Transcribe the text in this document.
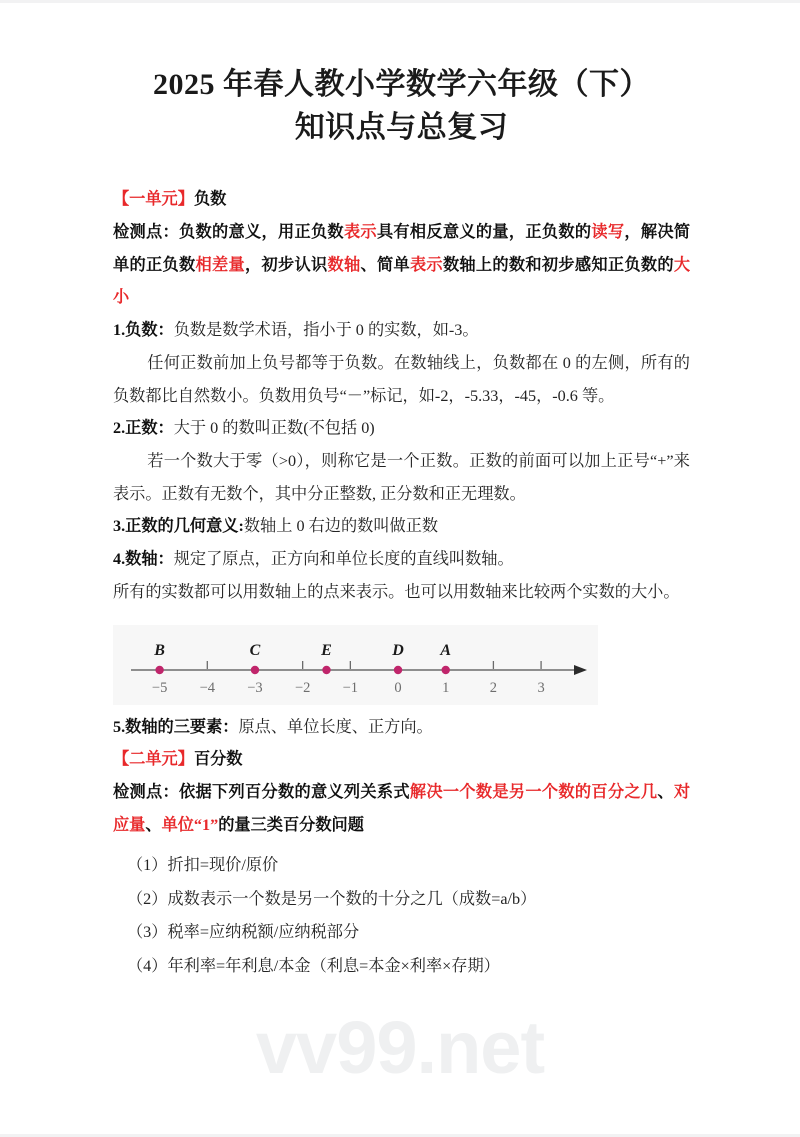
vv99.net
2025 年春人教小学数学六年级（下）
知识点与总复习

【一单元】负数

检测点：负数的意义，用正负数表示具有相反意义的量，正负数的读写，解决简单的正负数相差量，初步认识数轴、简单表示数轴上的数和初步感知正负数的大小

1.负数：负数是数学术语，指小于 0 的实数，如-3。

任何正数前加上负号都等于负数。在数轴线上，负数都在 0 的左侧，所有的负数都比自然数小。负数用负号“－”标记，如-2，-5.33，-45，-0.6 等。

2.正数：大于 0 的数叫正数(不包括 0)

若一个数大于零（>0），则称它是一个正数。正数的前面可以加上正号“+”来表示。正数有无数个，其中分正整数, 正分数和正无理数。

3.正数的几何意义:数轴上 0 右边的数叫做正数

4.数轴：规定了原点，正方向和单位长度的直线叫数轴。

所有的实数都可以用数轴上的点来表示。也可以用数轴来比较两个实数的大小。

−5 −4 −3 −2 −1	0	1	2	3
B	C	E	D A

5.数轴的三要素：原点、单位长度、正方向。

【二单元】百分数

检测点：依据下列百分数的意义列关系式解决一个数是另一个数的百分之几、对应量、单位“1”的量三类百分数问题

（1）折扣=现价/原价
（2）成数表示一个数是另一个数的十分之几（成数=a/b）
（3）税率=应纳税额/应纳税部分
（4）年利率=年利息/本金（利息=本金×利率×存期）
